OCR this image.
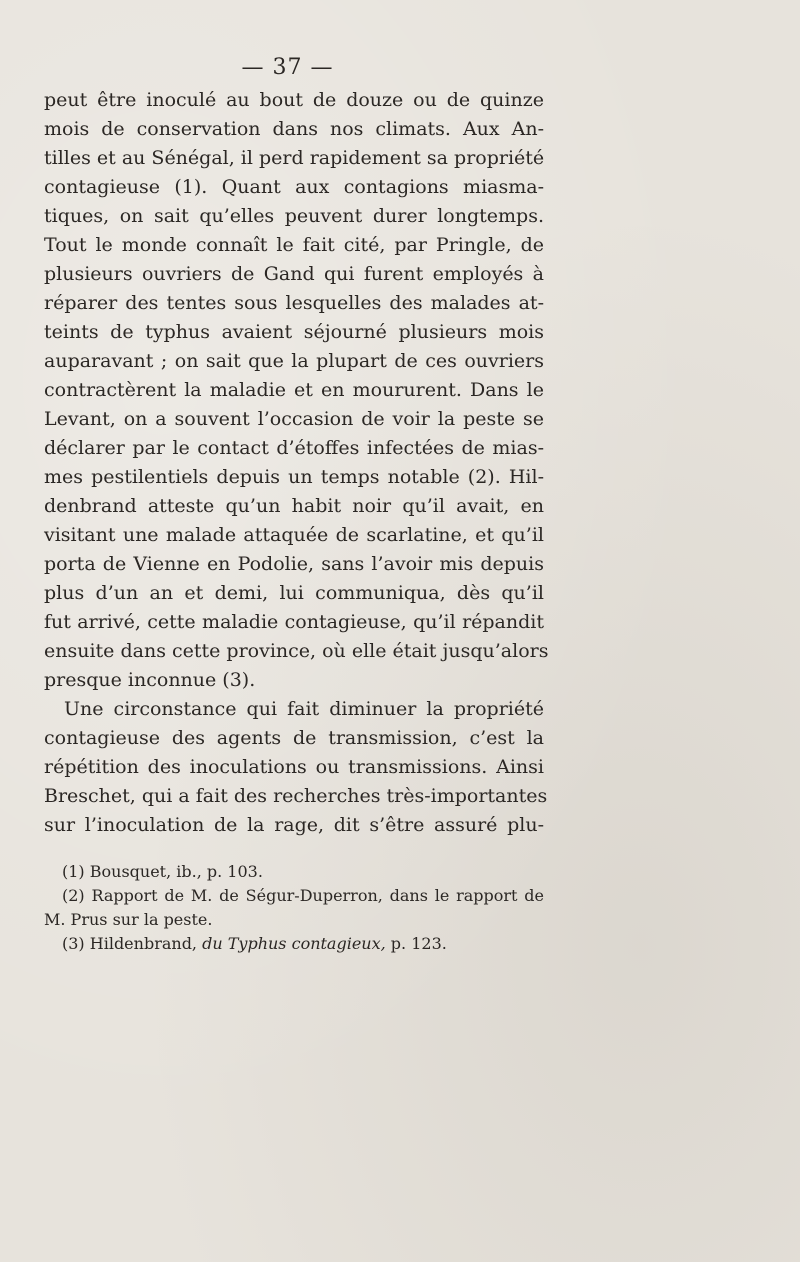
— 37 —
peut être inoculé au bout de douze ou de quinze
mois de conservation dans nos climats. Aux An-
tilles et au Sénégal, il perd rapidement sa propriété
contagieuse (1). Quant aux contagions miasma-
tiques, on sait qu’elles peuvent durer longtemps.
Tout le monde connaît le fait cité, par Pringle, de
plusieurs ouvriers de Gand qui furent employés à
réparer des tentes sous lesquelles des malades at-
teints de typhus avaient séjourné plusieurs mois
auparavant ; on sait que la plupart de ces ouvriers
contractèrent la maladie et en moururent. Dans le
Levant, on a souvent l’occasion de voir la peste se
déclarer par le contact d’étoffes infectées de mias-
mes pestilentiels depuis un temps notable (2). Hil-
denbrand atteste qu’un habit noir qu’il avait, en
visitant une malade attaquée de scarlatine, et qu’il
porta de Vienne en Podolie, sans l’avoir mis depuis
plus d’un an et demi, lui communiqua, dès qu’il
fut arrivé, cette maladie contagieuse, qu’il répandit
ensuite dans cette province, où elle était jusqu’alors
presque inconnue (3).
Une circonstance qui fait diminuer la propriété
contagieuse des agents de transmission, c’est la
répétition des inoculations ou transmissions. Ainsi
Breschet, qui a fait des recherches très-importantes
sur l’inoculation de la rage, dit s’être assuré plu-
(1) Bousquet, ib., p. 103.
(2) Rapport de M. de Ségur-Duperron, dans le rapport de
M. Prus sur la peste.
(3) Hildenbrand, du Typhus contagieux, p. 123.
